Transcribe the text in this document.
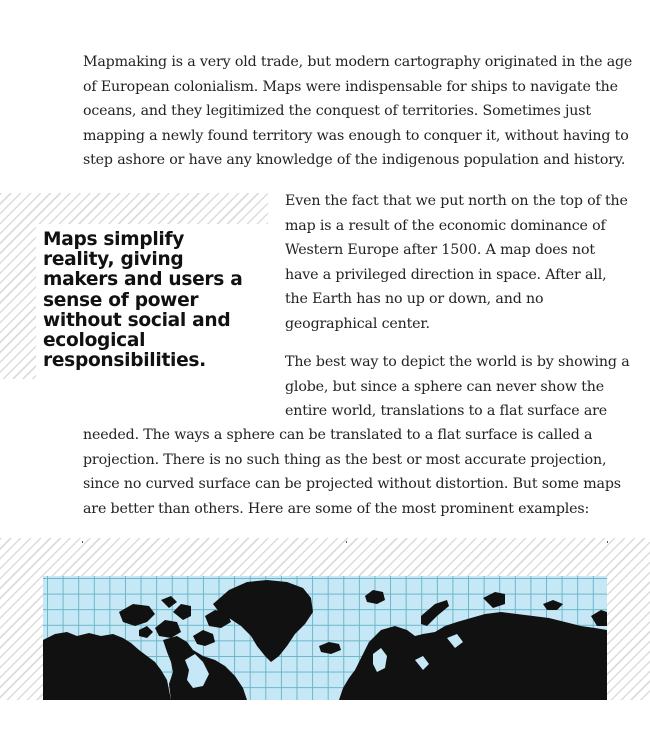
Mapmaking is a very old trade, but modern cartography originated in the age
of European colonialism. Maps were indispensable for ships to navigate the
oceans, and they legitimized the conquest of territories. Sometimes just
mapping a newly found territory was enough to conquer it, without having to
step ashore or have any knowledge of the indigenous population and history.

Maps simplify
reality, giving
makers and users a
sense of power
without social and
ecological
responsibilities.

Even the fact that we put north on the top of the
map is a result of the economic dominance of
Western Europe after 1500. A map does not
have a privileged direction in space. After all,
the Earth has no up or down, and no
geographical center.

The best way to depict the world is by showing a
globe, but since a sphere can never show the
entire world, translations to a flat surface are

needed. The ways a sphere can be translated to a flat surface is called a
projection. There is no such thing as the best or most accurate projection,
since no curved surface can be projected without distortion. But some maps
are better than others. Here are some of the most prominent examples:
